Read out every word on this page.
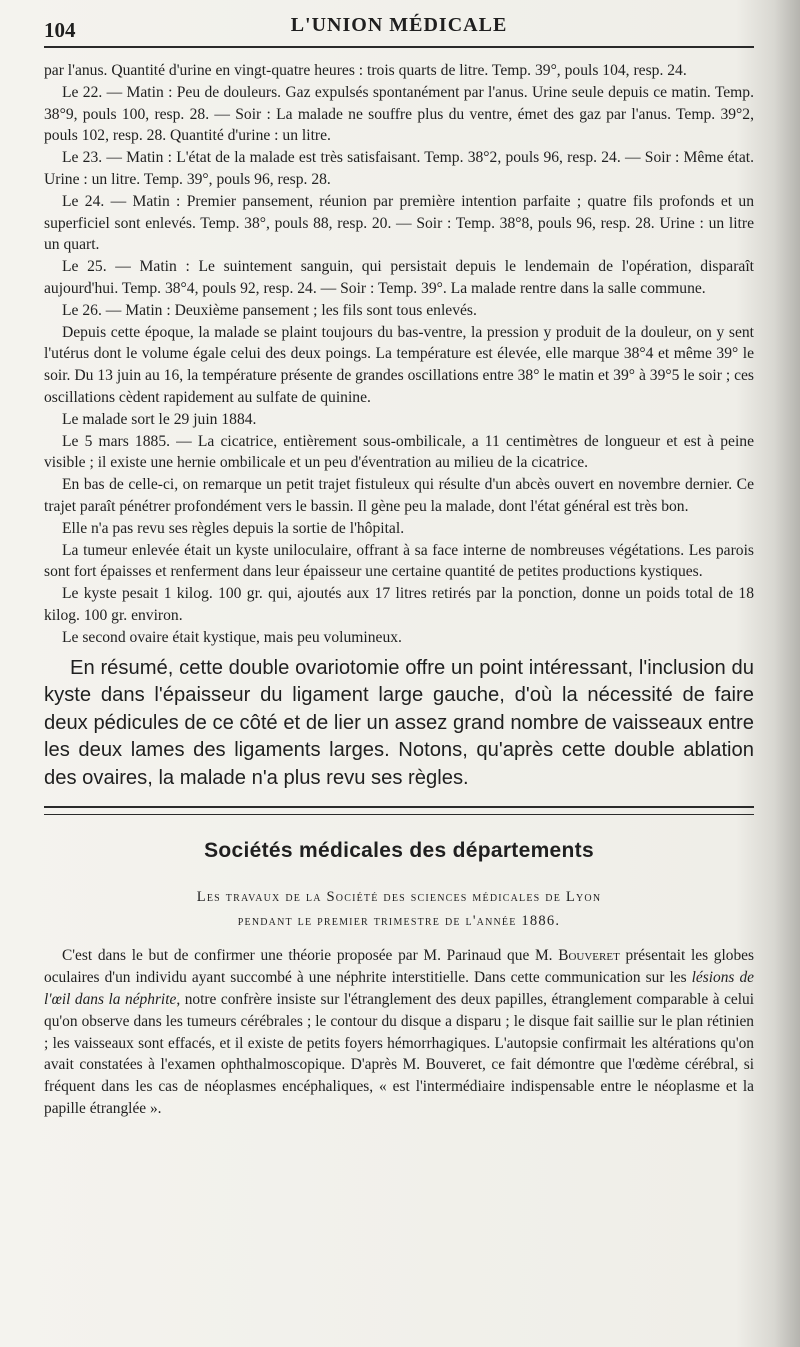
104	L'UNION MÉDICALE

par l'anus. Quantité d'urine en vingt-quatre heures : trois quarts de litre. Temp. 39°, pouls 104, resp. 24.

Le 22. — Matin : Peu de douleurs. Gaz expulsés spontanément par l'anus. Urine seule depuis ce matin. Temp. 38°9, pouls 100, resp. 28. — Soir : La malade ne souffre plus du ventre, émet des gaz par l'anus. Temp. 39°2, pouls 102, resp. 28. Quantité d'urine : un litre.

Le 23. — Matin : L'état de la malade est très satisfaisant. Temp. 38°2, pouls 96, resp. 24. — Soir : Même état. Urine : un litre. Temp. 39°, pouls 96, resp. 28.

Le 24. — Matin : Premier pansement, réunion par première intention parfaite ; quatre fils profonds et un superficiel sont enlevés. Temp. 38°, pouls 88, resp. 20. — Soir : Temp. 38°8, pouls 96, resp. 28. Urine : un litre un quart.

Le 25. — Matin : Le suintement sanguin, qui persistait depuis le lendemain de l'opération, disparaît aujourd'hui. Temp. 38°4, pouls 92, resp. 24. — Soir : Temp. 39°. La malade rentre dans la salle commune.

Le 26. — Matin : Deuxième pansement ; les fils sont tous enlevés.

Depuis cette époque, la malade se plaint toujours du bas-ventre, la pression y produit de la douleur, on y sent l'utérus dont le volume égale celui des deux poings. La température est élevée, elle marque 38°4 et même 39° le soir. Du 13 juin au 16, la température présente de grandes oscillations entre 38° le matin et 39° à 39°5 le soir ; ces oscillations cèdent rapidement au sulfate de quinine.

Le malade sort le 29 juin 1884.

Le 5 mars 1885. — La cicatrice, entièrement sous-ombilicale, a 11 centimètres de longueur et est à peine visible ; il existe une hernie ombilicale et un peu d'éventration au milieu de la cicatrice.

En bas de celle-ci, on remarque un petit trajet fistuleux qui résulte d'un abcès ouvert en novembre dernier. Ce trajet paraît pénétrer profondément vers le bassin. Il gène peu la malade, dont l'état général est très bon.

Elle n'a pas revu ses règles depuis la sortie de l'hôpital.

La tumeur enlevée était un kyste uniloculaire, offrant à sa face interne de nombreuses végétations. Les parois sont fort épaisses et renferment dans leur épaisseur une certaine quantité de petites productions kystiques.

Le kyste pesait 1 kilog. 100 gr. qui, ajoutés aux 17 litres retirés par la ponction, donne un poids total de 18 kilog. 100 gr. environ.

Le second ovaire était kystique, mais peu volumineux.

En résumé, cette double ovariotomie offre un point intéressant, l'inclusion du kyste dans l'épaisseur du ligament large gauche, d'où la nécessité de faire deux pédicules de ce côté et de lier un assez grand nombre de vaisseaux entre les deux lames des ligaments larges. Notons, qu'après cette double ablation des ovaires, la malade n'a plus revu ses règles.

Sociétés médicales des départements
Les travaux de la Société des sciences médicales de Lyon
pendant le premier trimestre de l'année 1886.

C'est dans le but de confirmer une théorie proposée par M. Parinaud que M. Bouveret présentait les globes oculaires d'un individu ayant succombé à une néphrite interstitielle. Dans cette communication sur les lésions de l'œil dans la néphrite, notre confrère insiste sur l'étranglement des deux papilles, étranglement comparable à celui qu'on observe dans les tumeurs cérébrales ; le contour du disque a disparu ; le disque fait saillie sur le plan rétinien ; les vaisseaux sont effacés, et il existe de petits foyers hémorrhagiques. L'autopsie confirmait les altérations qu'on avait constatées à l'examen ophthalmoscopique. D'après M. Bouveret, ce fait démontre que l'œdème cérébral, si fréquent dans les cas de néoplasmes encéphaliques, « est l'intermédiaire indispensable entre le néoplasme et la papille étranglée ».
